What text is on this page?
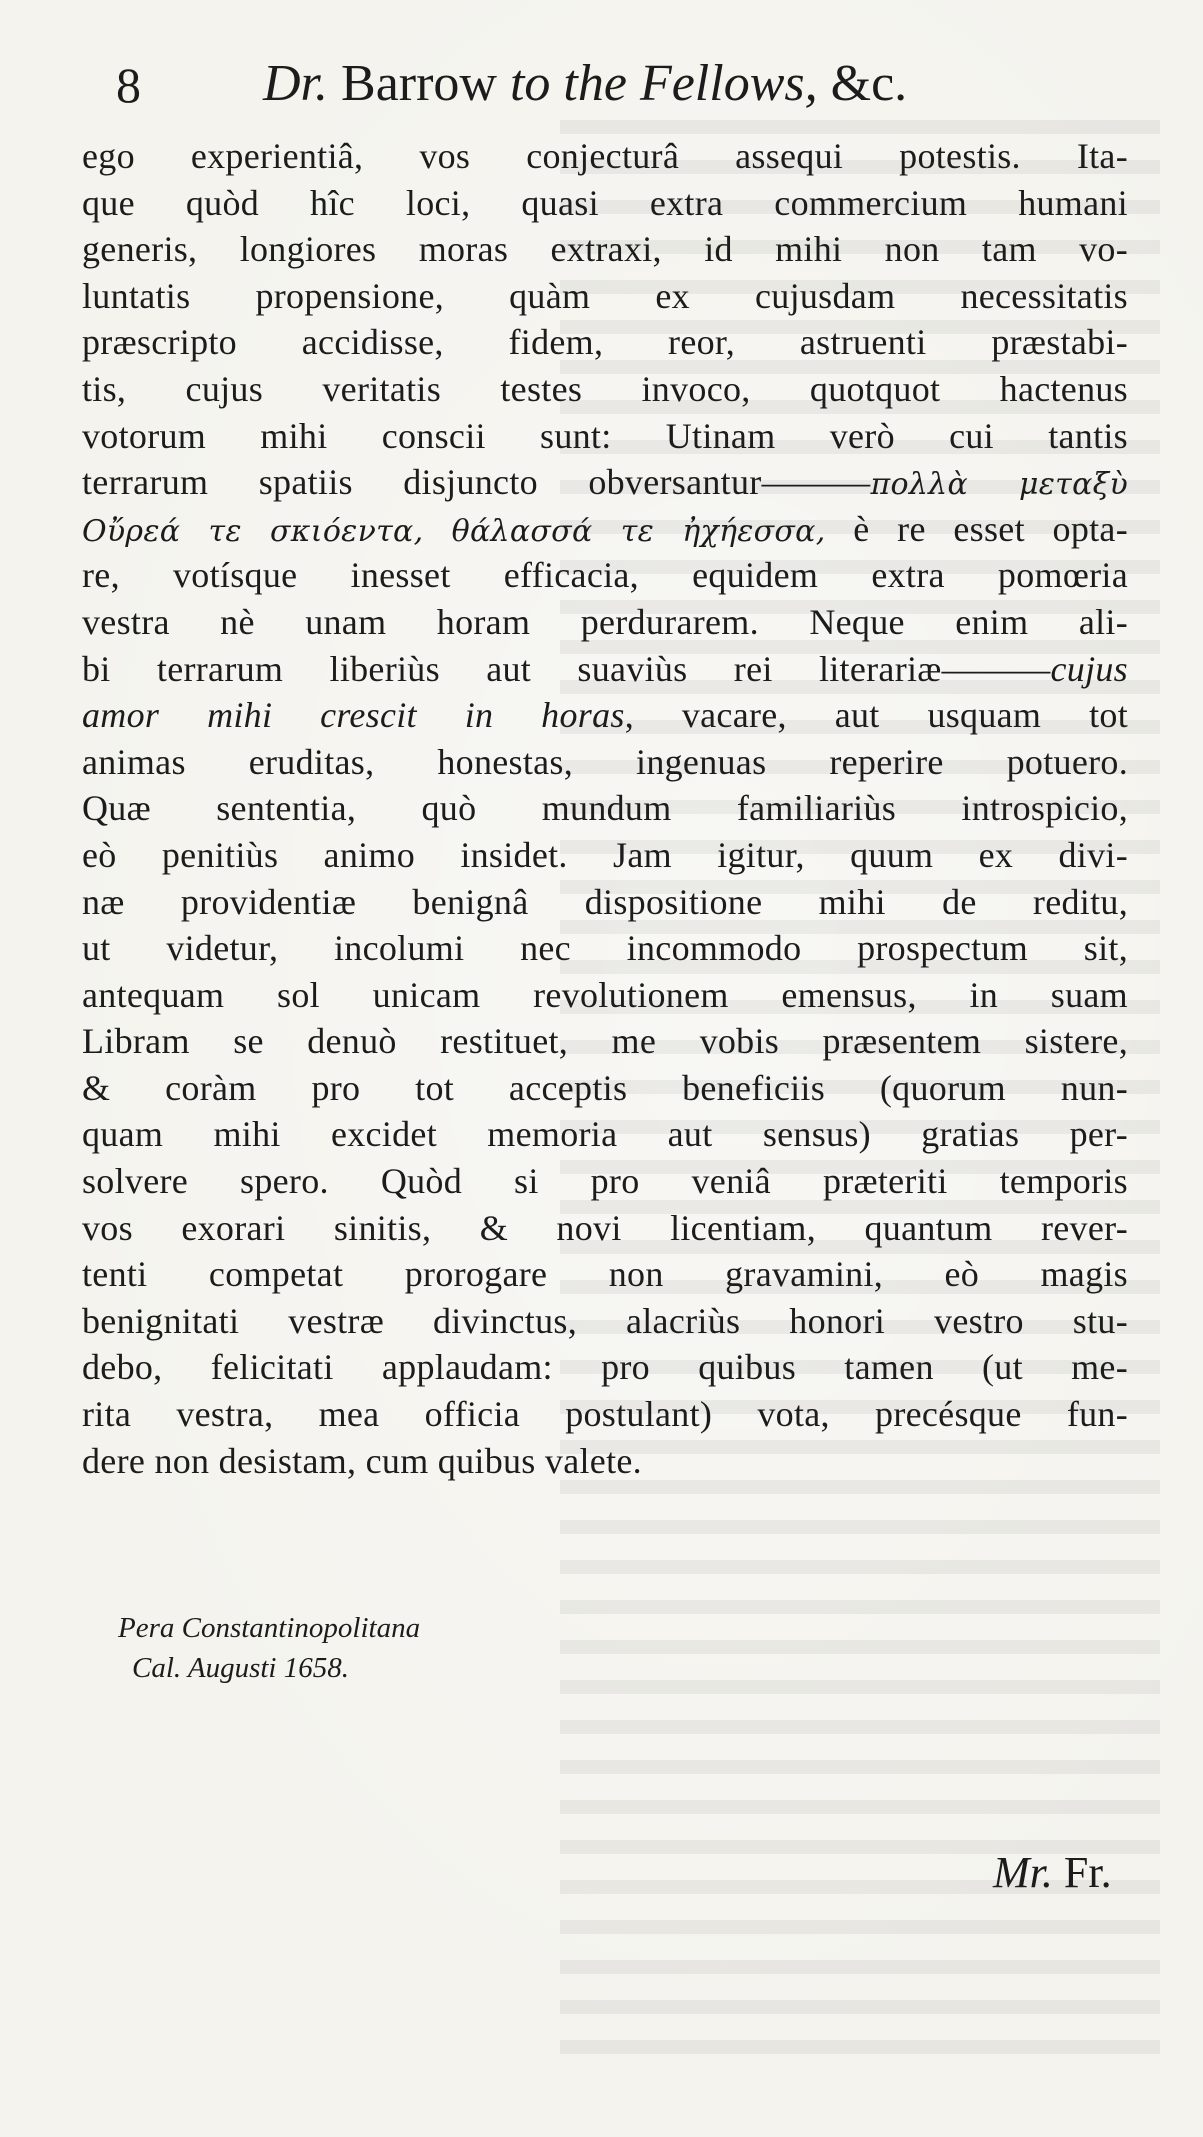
8 Dr. Barrow to the Fellows, &c.
ego experientiâ, vos conjecturâ assequi potestis. Ita-
que quòd hîc loci, quasi extra commercium humani
generis, longiores moras extraxi, id mihi non tam vo-
luntatis propensione, quàm ex cujusdam necessitatis
præscripto accidisse, fidem, reor, astruenti præstabi-
tis, cujus veritatis testes invoco, quotquot hactenus
votorum mihi conscii sunt: Utinam verò cui tantis
terrarum spatiis disjuncto obversantur———πολλὰ μεταξὺ
Οὔρεά τε σκιόεντα, θάλασσά τε ἠχήεσσα, è re esset opta-
re, votísque inesset efficacia, equidem extra pomœria
vestra nè unam horam perdurarem. Neque enim ali-
bi terrarum liberiùs aut suaviùs rei literariæ———cujus
amor mihi crescit in horas, vacare, aut usquam tot
animas eruditas, honestas, ingenuas reperire potuero.
Quæ sententia, quò mundum familiariùs introspicio,
eò penitiùs animo insidet. Jam igitur, quum ex divi-
næ providentiæ benignâ dispositione mihi de reditu,
ut videtur, incolumi nec incommodo prospectum sit,
antequam sol unicam revolutionem emensus, in suam
Libram se denuò restituet, me vobis præsentem sistere,
& coràm pro tot acceptis beneficiis (quorum nun-
quam mihi excidet memoria aut sensus) gratias per-
solvere spero. Quòd si pro veniâ præteriti temporis
vos exorari sinitis, & novi licentiam, quantum rever-
tenti competat prorogare non gravamini, eò magis
benignitati vestræ divinctus, alacriùs honori vestro stu-
debo, felicitati applaudam: pro quibus tamen (ut me-
rita vestra, mea officia postulant) vota, precésque fun-
dere non desistam, cum quibus valete.
Pera Constantinopolitana
Cal. Augusti 1658.
Mr. Fr.
